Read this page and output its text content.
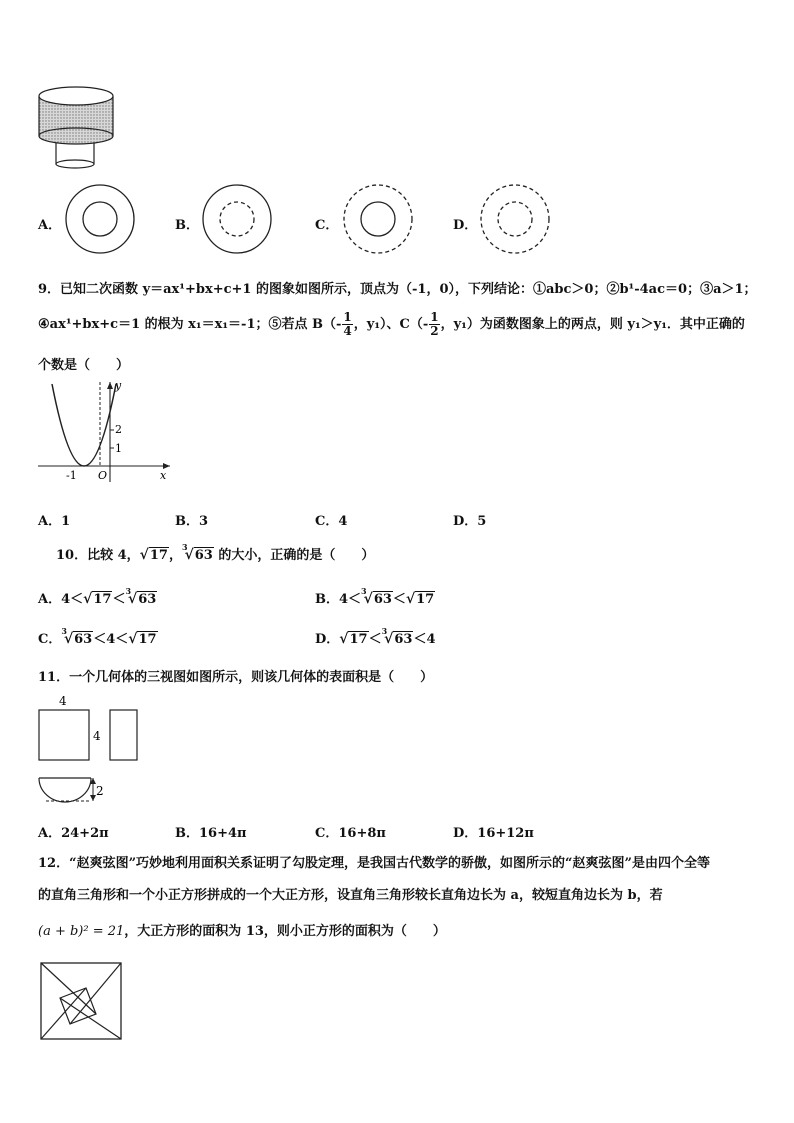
A．	B．	C．	D．
9．已知二次函数 y＝ax¹+bx+c+1 的图象如图所示，顶点为（-1，0），下列结论：①abc＞0；②b¹-4ac＝0；③a＞1；
④ax¹+bx+c＝1 的根为 x₁＝x₁＝-1；⑤若点 $B(- \frac{1}{4}$ ，y₁）、$C(- \frac{1}{2}$ ，y₁）为函数图象上的两点，则 y₁＞y₁．其中正确的
个数是（　　）
y
x
O
2
1
-1
A．1	B．3	C．4	D．5
10．比较 4，√17，$^3$√63 的大小，正确的是（　　）
A．4＜√17＜$^3$√63	B．4＜$^3$√63＜√17
C．$^3$√63＜4＜√17	D．√17＜$^3$√63＜4
11．一个几何体的三视图如图所示，则该几何体的表面积是（　　）
4
4
2
A．24+2π	B．16+4π	C．16+8π	D．16+12π
12．“赵爽弦图”巧妙地利用面积关系证明了勾股定理，是我国古代数学的骄傲，如图所示的“赵爽弦图”是由四个全等
的直角三角形和一个小正方形拼成的一个大正方形，设直角三角形较长直角边长为 a，较短直角边长为 b，若
(a + b)² = 21，大正方形的面积为 13，则小正方形的面积为（　　）
